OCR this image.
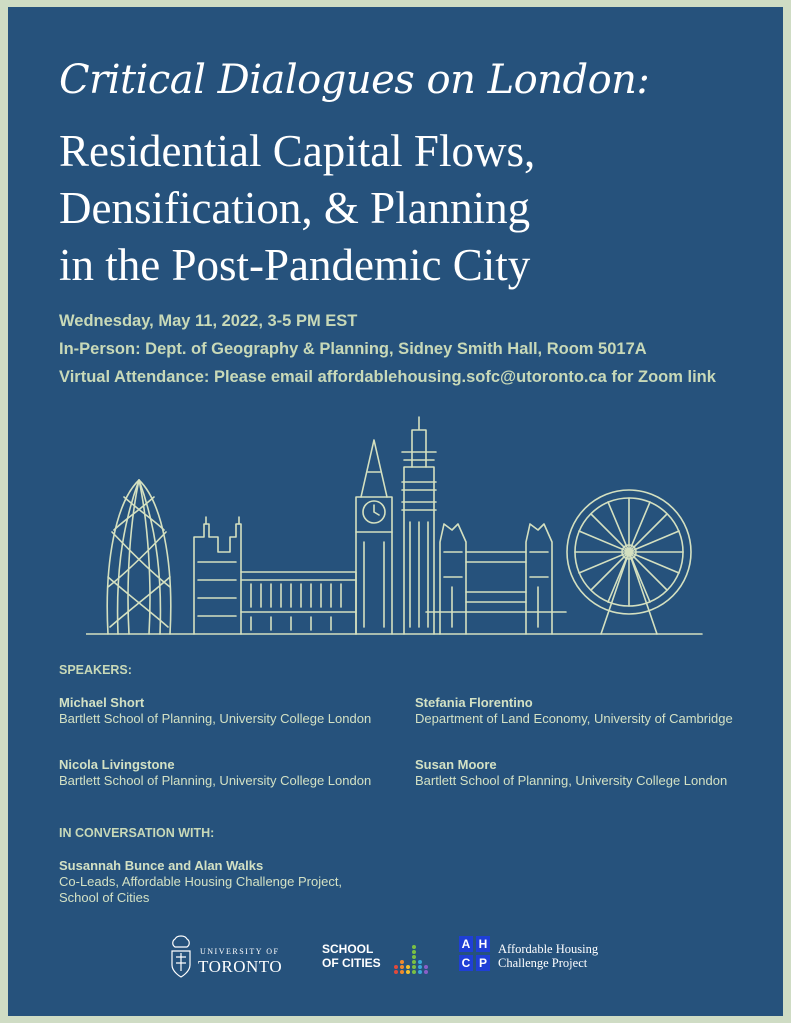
Critical Dialogues on London:
Residential Capital Flows,
Densification, & Planning
in the Post-Pandemic City
Wednesday, May 11, 2022, 3-5 PM EST
In-Person: Dept. of Geography & Planning, Sidney Smith Hall, Room 5017A
Virtual Attendance: Please email affordablehousing.sofc@utoronto.ca for Zoom link
SPEAKERS:
Michael Short
Bartlett School of Planning, University College London
Stefania Florentino
Department of Land Economy, University of Cambridge
Nicola Livingstone
Bartlett School of Planning, University College London
Susan Moore
Bartlett School of Planning, University College London
IN CONVERSATION WITH:
Susannah Bunce and Alan Walks
Co-Leads, Affordable Housing Challenge Project,
School of Cities
UNIVERSITY OF
TORONTO
SCHOOL
OF CITIES
A H
C P
Affordable Housing
Challenge Project
